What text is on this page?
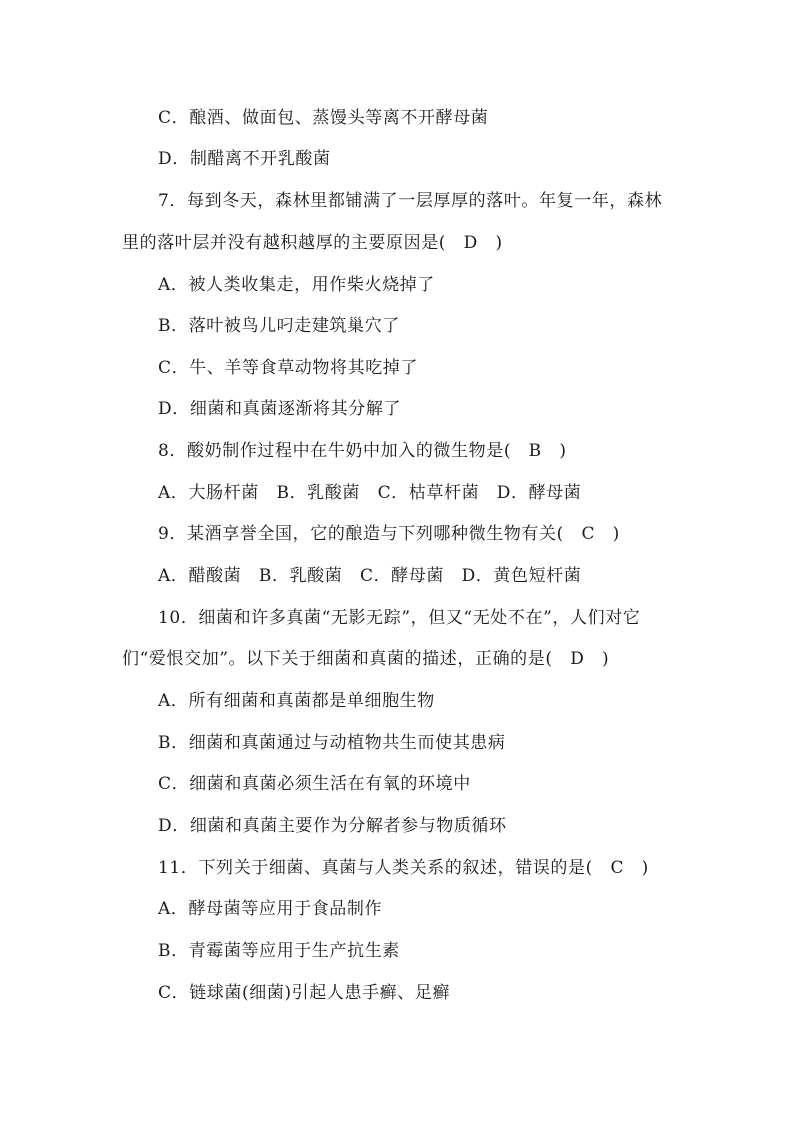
C．酿酒、做面包、蒸馒头等离不开酵母菌
D．制醋离不开乳酸菌
7．每到冬天，森林里都铺满了一层厚厚的落叶。年复一年，森林
里的落叶层并没有越积越厚的主要原因是(　D　)
A．被人类收集走，用作柴火烧掉了
B．落叶被鸟儿叼走建筑巢穴了
C．牛、羊等食草动物将其吃掉了
D．细菌和真菌逐渐将其分解了
8．酸奶制作过程中在牛奶中加入的微生物是(　B　)
A．大肠杆菌　B．乳酸菌　C．枯草杆菌　D．酵母菌
9．某酒享誉全国，它的酿造与下列哪种微生物有关(　C　)
A．醋酸菌　B．乳酸菌　C．酵母菌　D．黄色短杆菌
10．细菌和许多真菌“无影无踪”，但又“无处不在”，人们对它
们“爱恨交加”。以下关于细菌和真菌的描述，正确的是(　D　)
A．所有细菌和真菌都是单细胞生物
B．细菌和真菌通过与动植物共生而使其患病
C．细菌和真菌必须生活在有氧的环境中
D．细菌和真菌主要作为分解者参与物质循环
11．下列关于细菌、真菌与人类关系的叙述，错误的是(　C　)
A．酵母菌等应用于食品制作
B．青霉菌等应用于生产抗生素
C．链球菌(细菌)引起人患手癣、足癣
